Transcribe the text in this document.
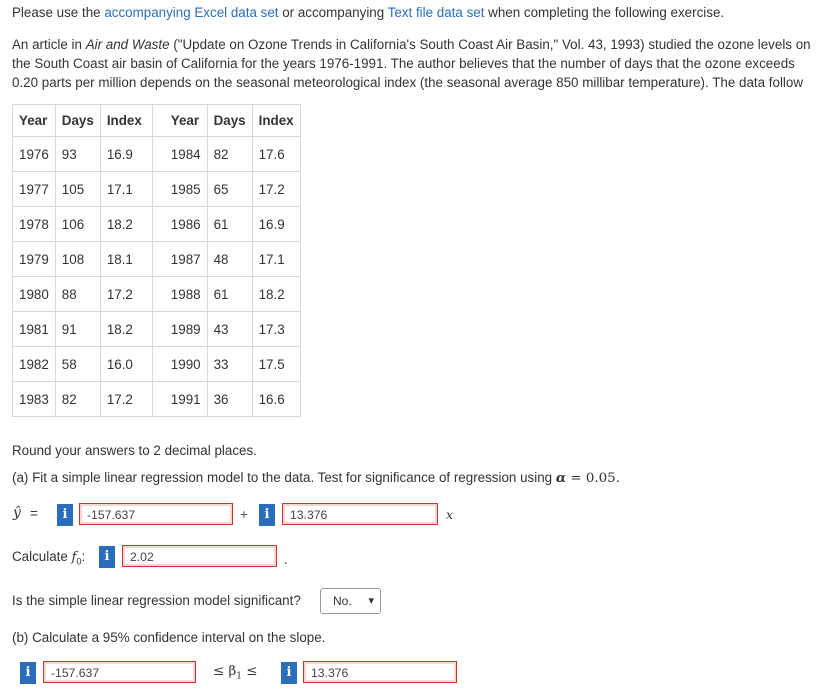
Please use the accompanying Excel data set or accompanying Text file data set when completing the following exercise.
An article in Air and Waste ("Update on Ozone Trends in California's South Coast Air Basin," Vol. 43, 1993) studied the ozone levels on
the South Coast air basin of California for the years 1976-1991. The author believes that the number of days that the ozone exceeds
0.20 parts per million depends on the seasonal meteorological index (the seasonal average 850 millibar temperature). The data follow
Year	Days	Index	Year	Days	Index
1976	93	16.9	1984	82	17.6
1977	105	17.1	1985	65	17.2
1978	106	18.2	1986	61	16.9
1979	108	18.1	1987	48	17.1
1980	88	17.2	1988	61	18.2
1981	91	18.2	1989	43	17.3
1982	58	16.0	1990	33	17.5
1983	82	17.2	1991	36	16.6
Round your answers to 2 decimal places.
(a) Fit a simple linear regression model to the data. Test for significance of regression using α = 0.05.
ŷ =	i	-157.637	+	i	13.376	x
Calculate $f_0$:	i	2.02	.
Is the simple linear regression model significant?	No. ▾
(b) Calculate a 95% confidence interval on the slope.
i	-157.637	≤ $\beta_1$ ≤	i	13.376
